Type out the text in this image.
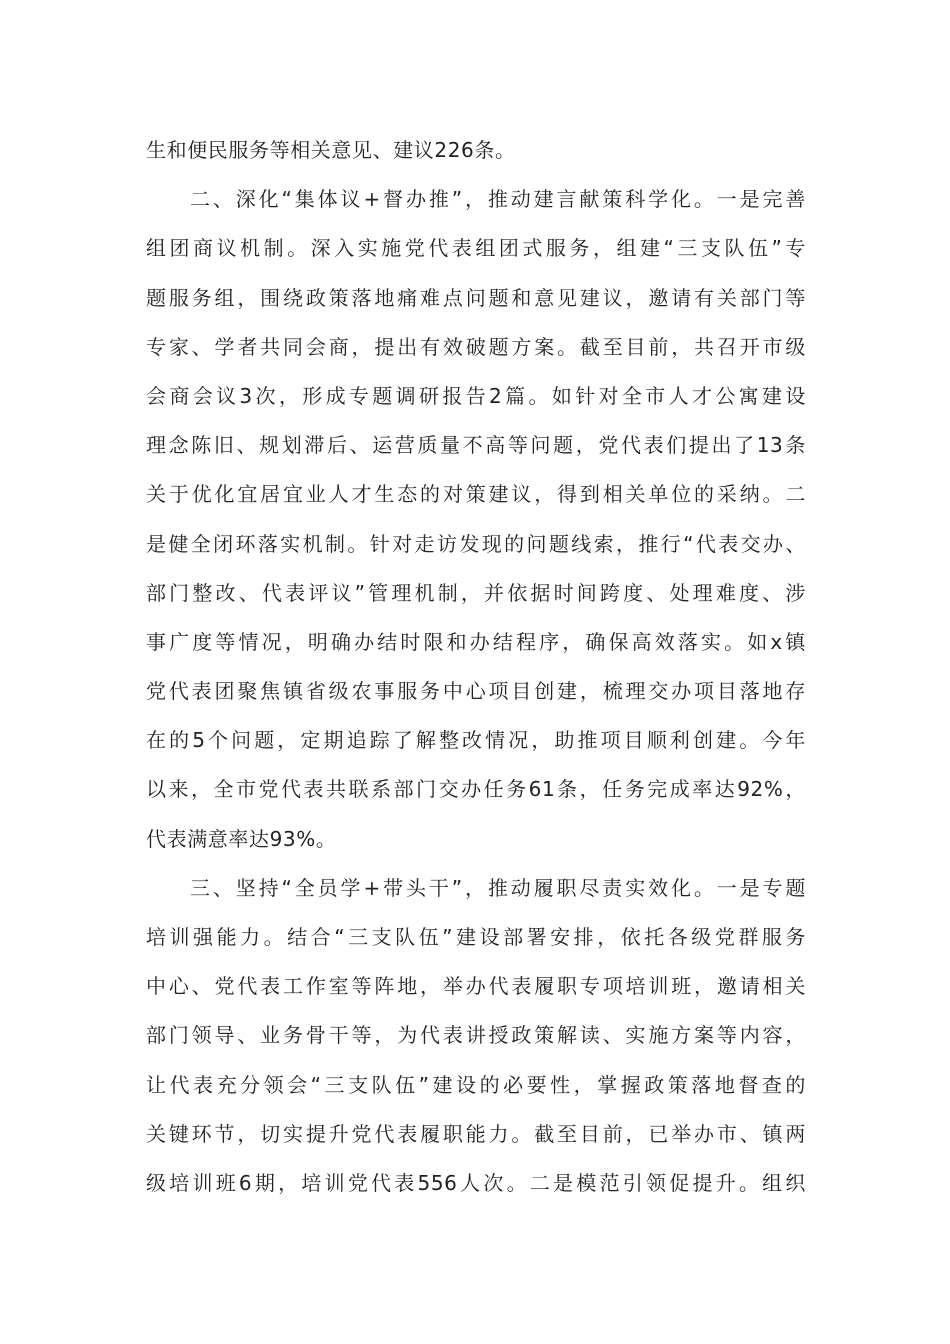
生和便民服务等相关意见、建议226条。
二、深化“集体议+督办推”，推动建言献策科学化。一是完善
组团商议机制。深入实施党代表组团式服务，组建“三支队伍”专
题服务组，围绕政策落地痛难点问题和意见建议，邀请有关部门等
专家、学者共同会商，提出有效破题方案。截至目前，共召开市级
会商会议3次，形成专题调研报告2篇。如针对全市人才公寓建设
理念陈旧、规划滞后、运营质量不高等问题，党代表们提出了13条
关于优化宜居宜业人才生态的对策建议，得到相关单位的采纳。二
是健全闭环落实机制。针对走访发现的问题线索，推行“代表交办、
部门整改、代表评议”管理机制，并依据时间跨度、处理难度、涉
事广度等情况，明确办结时限和办结程序，确保高效落实。如x镇
党代表团聚焦镇省级农事服务中心项目创建，梳理交办项目落地存
在的5个问题，定期追踪了解整改情况，助推项目顺利创建。今年
以来，全市党代表共联系部门交办任务61条，任务完成率达92%，
代表满意率达93%。
三、坚持“全员学+带头干”，推动履职尽责实效化。一是专题
培训强能力。结合“三支队伍”建设部署安排，依托各级党群服务
中心、党代表工作室等阵地，举办代表履职专项培训班，邀请相关
部门领导、业务骨干等，为代表讲授政策解读、实施方案等内容，
让代表充分领会“三支队伍”建设的必要性，掌握政策落地督查的
关键环节，切实提升党代表履职能力。截至目前，已举办市、镇两
级培训班6期，培训党代表556人次。二是模范引领促提升。组织
